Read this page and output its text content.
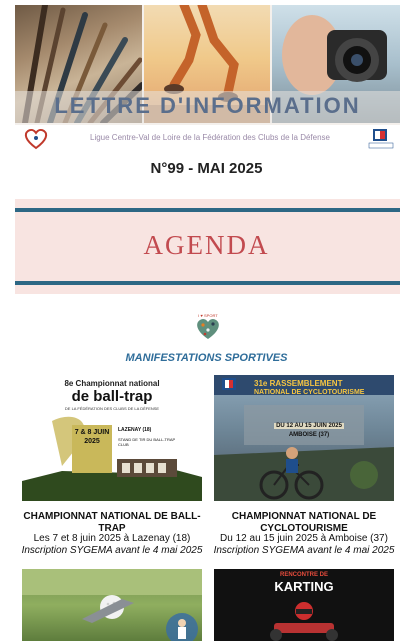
LETTRE D'INFORMATION
Ligue Centre-Val de Loire de la Fédération des Clubs de la Défense
N°99 - MAI 2025
AGENDA
I ♥ SPORT
MANIFESTATIONS SPORTIVES
8e Championnat national
de ball-trap
DE LA FÉDÉRATION DES CLUBS DE LA DÉFENSE
7 & 8 JUIN 2025
LAZENAY (18)
STAND DE TIR DU BALL-TRAP CLUB
CHAMPIONNAT NATIONAL DE BALL-TRAP
Les 7 et 8 juin 2025 à Lazenay (18)
Inscription SYGEMA avant le 4 mai 2025
31e RASSEMBLEMENT
NATIONAL DE CYCLOTOURISME
DU 12 AU 15 JUIN 2025
AMBOISE (37)
CHAMPIONNAT NATIONAL DE CYCLOTOURISME
Du 12 au 15 juin 2025 à Amboise (37)
Inscription SYGEMA avant le 4 mai 2025
RENCONTRE DE
KARTING
